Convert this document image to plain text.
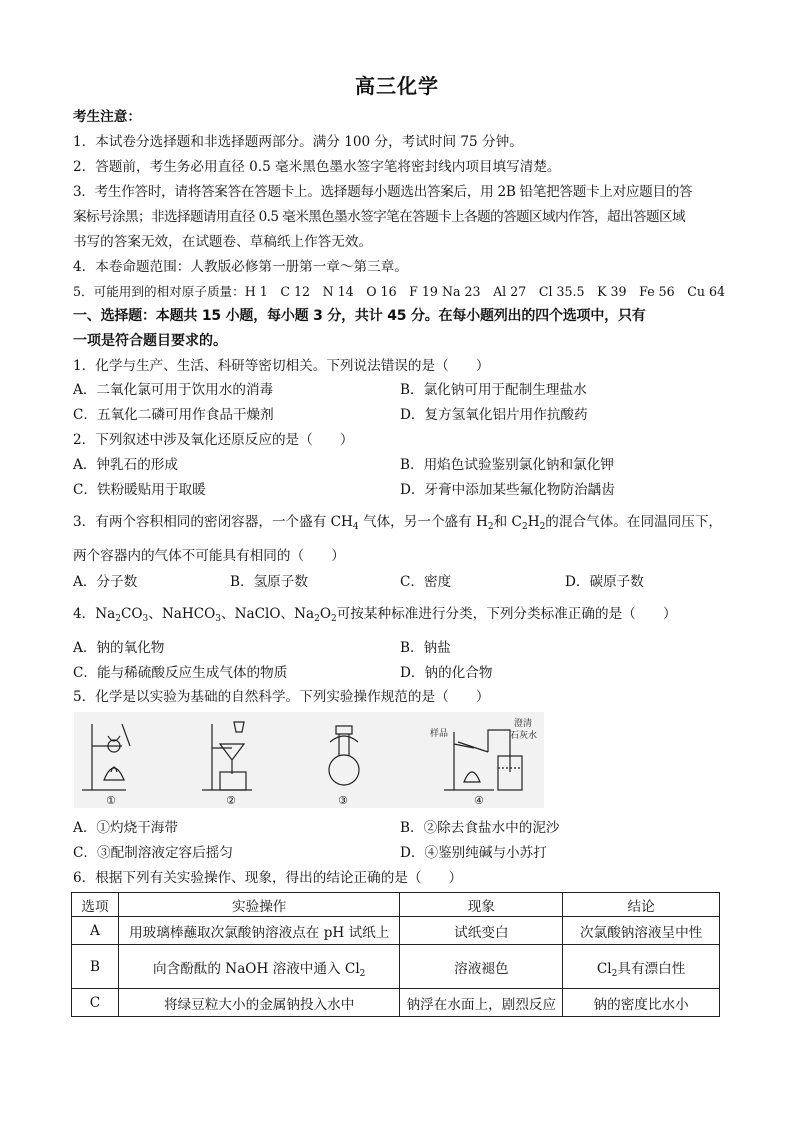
高三化学
考生注意：
1．本试卷分选择题和非选择题两部分。满分 100 分，考试时间 75 分钟。
2．答题前，考生务必用直径 0.5 毫米黑色墨水签字笔将密封线内项目填写清楚。
3．考生作答时，请将答案答在答题卡上。选择题每小题选出答案后，用 2B 铅笔把答题卡上对应题目的答
案标号涂黑；非选择题请用直径 0.5 毫米黑色墨水签字笔在答题卡上各题的答题区域内作答，超出答题区域
书写的答案无效，在试题卷、草稿纸上作答无效。
4．本卷命题范围：人教版必修第一册第一章～第三章。
5．可能用到的相对原子质量：H 1　C 12　N 14　O 16　F 19 Na 23　Al 27　Cl 35.5　K 39　Fe 56　Cu 64
一、选择题：本题共 15 小题，每小题 3 分，共计 45 分。在每小题列出的四个选项中，只有
一项是符合题目要求的。
1．化学与生产、生活、科研等密切相关。下列说法错误的是（　　）
A．二氧化氯可用于饮用水的消毒	B．氯化钠可用于配制生理盐水
C．五氧化二磷可用作食品干燥剂	D．复方氢氧化铝片用作抗酸药
2．下列叙述中涉及氧化还原反应的是（　　）
A．钟乳石的形成	B．用焰色试验鉴别氯化钠和氯化钾
C．铁粉暖贴用于取暖	D．牙膏中添加某些氟化物防治龋齿
3．有两个容积相同的密闭容器，一个盛有 $CH_4$ 气体，另一个盛有 $H_2$和 $C_2H_2$的混合气体。在同温同压下，
两个容器内的气体不可能具有相同的（　　）
A．分子数	B．氢原子数	C．密度	D．碳原子数
4．$Na_2CO_3$、NaHCO$_3$、NaClO、$Na_2O_2$可按某种标准进行分类，下列分类标准正确的是（　　）
A．钠的氧化物	B．钠盐
C．能与稀硫酸反应生成气体的物质	D．钠的化合物
5．化学是以实验为基础的自然科学。下列实验操作规范的是（　　）
①	②	③
样品
澄清
石灰水
④
A．①灼烧干海带	B．②除去食盐水中的泥沙
C．③配制溶液定容后摇匀	D．④鉴别纯碱与小苏打
6．根据下列有关实验操作、现象，得出的结论正确的是（　　）
选项	实验操作	现象	结论
A	用玻璃棒蘸取次氯酸钠溶液点在 pH 试纸上	试纸变白	次氯酸钠溶液呈中性
B	向含酚酞的 NaOH 溶液中通入 $Cl_2$	溶液褪色	$Cl_2$具有漂白性
C	将绿豆粒大小的金属钠投入水中	钠浮在水面上，剧烈反应	钠的密度比水小
